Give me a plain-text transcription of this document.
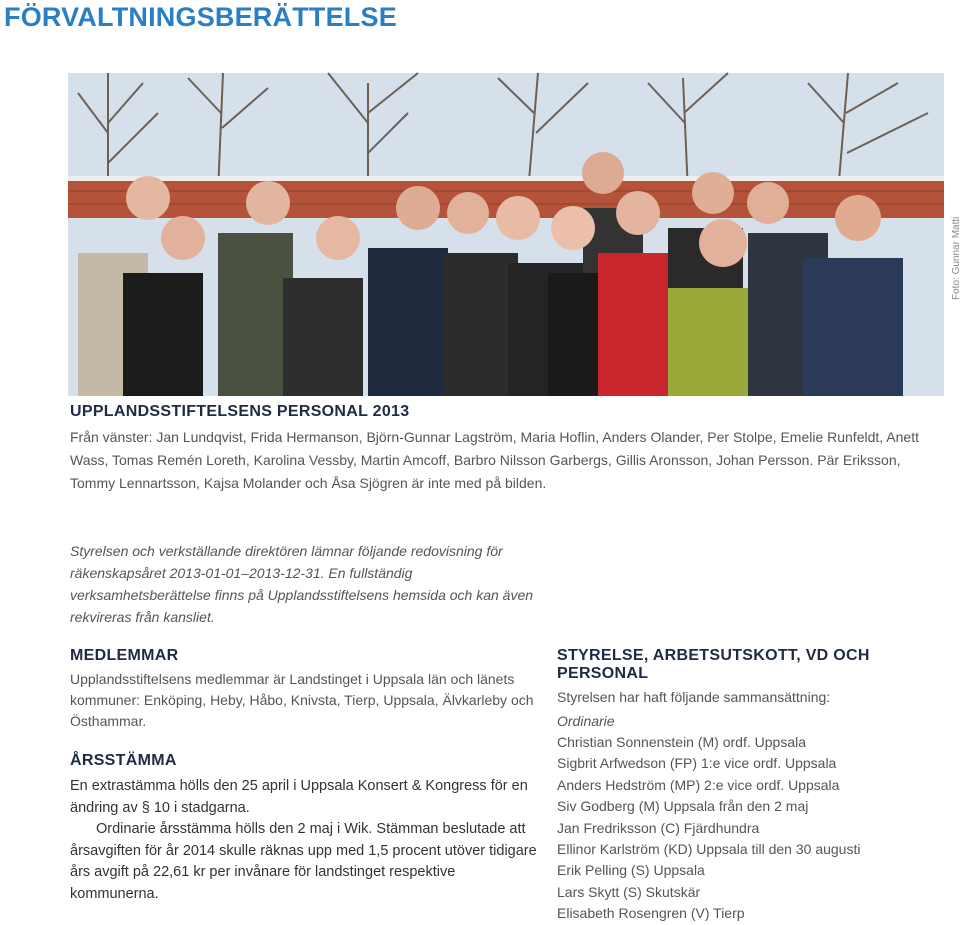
FÖRVALTNINGSBERÄTTELSE
Foto: Gunnar Matti
UPPLANDSSTIFTELSENS PERSONAL 2013
Från vänster: Jan Lundqvist, Frida Hermanson, Björn-Gunnar Lagström, Maria Hoflin, Anders Olander, Per Stolpe, Emelie Runfeldt, Anett Wass, Tomas Remén Loreth, Karolina Vessby, Martin Amcoff, Barbro Nilsson Garbergs, Gillis Aronsson, Johan Persson. Pär Eriksson, Tommy Lennartsson, Kajsa Molander och Åsa Sjögren är inte med på bilden.
Styrelsen och verkställande direktören lämnar följande redovisning för räkenskapsåret 2013-01-01–2013-12-31. En fullständig verksamhetsberättelse finns på Upplandsstiftelsens hemsida och kan även rekvireras från kansliet.
MEDLEMMAR

Upplandsstiftelsens medlemmar är Landstinget i Uppsala län och länets kommuner: Enköping, Heby, Håbo, Knivsta, Tierp, Uppsala, Älvkarleby och Östhammar.

ÅRSSTÄMMA

En extrastämma hölls den 25 april i Uppsala Konsert & Kongress för en ändring av § 10 i stadgarna.

Ordinarie årsstämma hölls den 2 maj i Wik. Stämman beslutade att årsavgiften för år 2014 skulle räknas upp med 1,5 procent utöver tidigare års avgift på 22,61 kr per invånare för landstinget respektive kommunerna.

STYRELSE, ARBETSUTSKOTT, VD OCH PERSONAL

Styrelsen har haft följande sammansättning:

Ordinarie

Christian Sonnenstein (M) ordf. Uppsala
Sigbrit Arfwedson (FP) 1:e vice ordf. Uppsala
Anders Hedström (MP) 2:e vice ordf. Uppsala
Siv Godberg (M) Uppsala från den 2 maj
Jan Fredriksson (C) Fjärdhundra
Ellinor Karlström (KD) Uppsala till den 30 augusti
Erik Pelling (S) Uppsala
Lars Skytt (S) Skutskär
Elisabeth Rosengren (V) Tierp
